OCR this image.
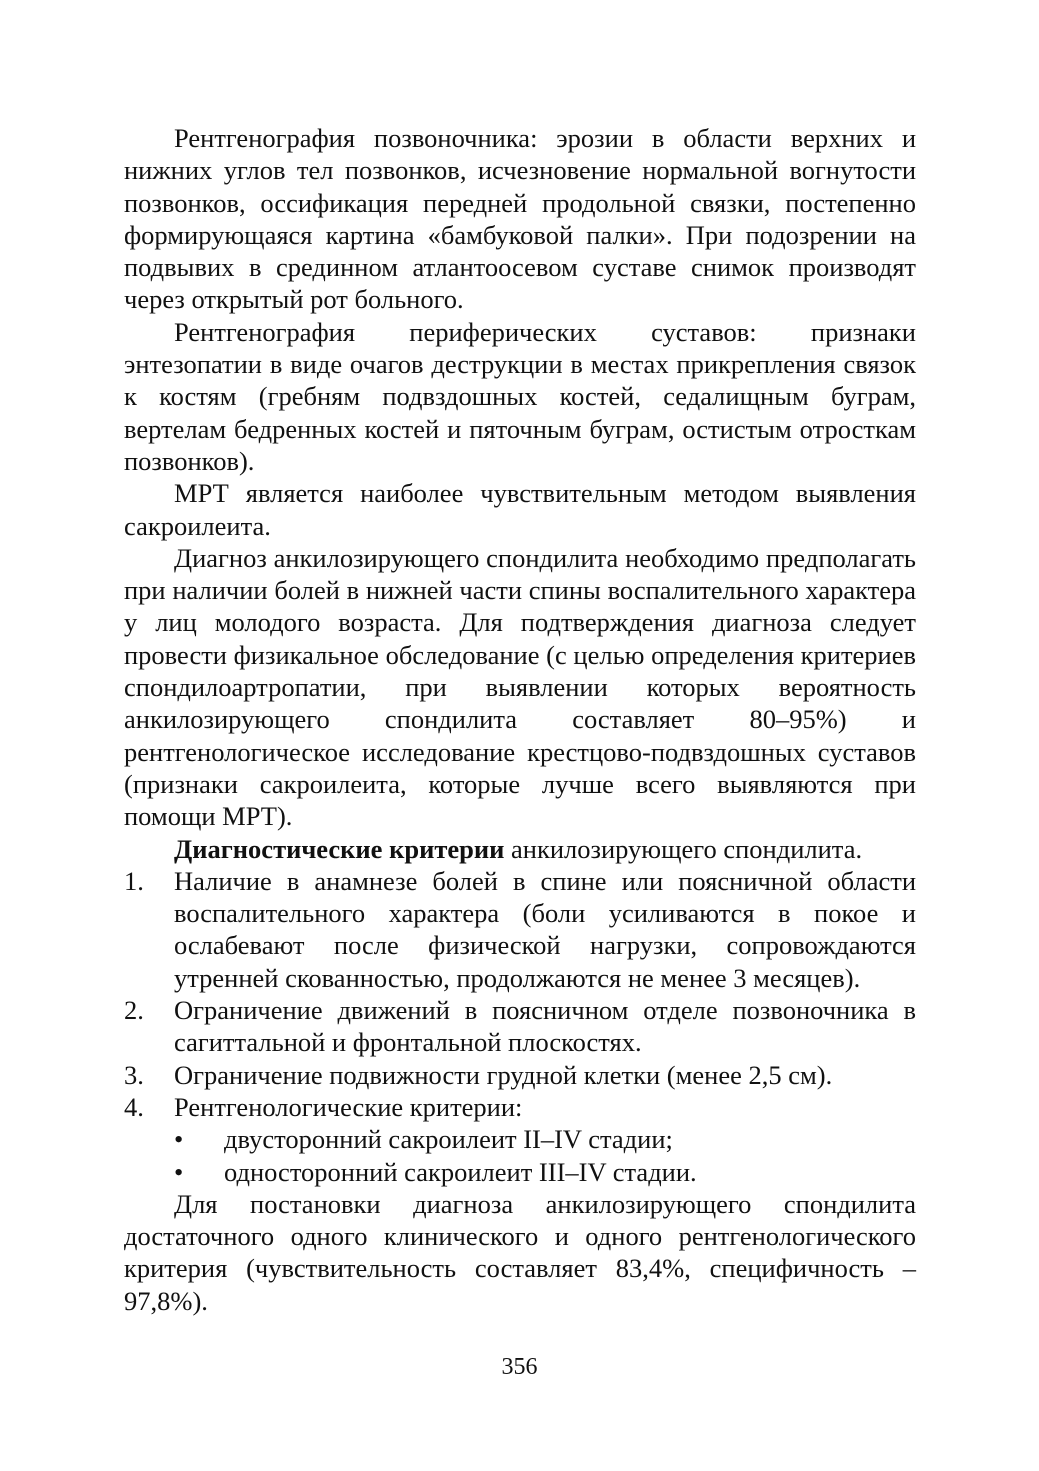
Рентгенография позвоночника: эрозии в области верхних и нижних углов тел позвонков, исчезновение нормальной вогнутости позвонков, оссификация передней продольной связки, постепенно формирующаяся картина «бамбуковой палки». При подозрении на подвывих в срединном атлантоосевом суставе снимок производят через открытый рот больного.

Рентгенография периферических суставов: признаки энтезопатии в виде очагов деструкции в местах прикрепления связок к костям (гребням подвздошных костей, седалищным буграм, вертелам бедренных костей и пяточным буграм, остистым отросткам позвонков).

МРТ является наиболее чувствительным методом выявления сакроилеита.

Диагноз анкилозирующего спондилита необходимо предполагать при наличии болей в нижней части спины воспалительного характера у лиц молодого возраста. Для подтверждения диагноза следует провести физикальное обследование (с целью определения критериев спондилоартропатии, при выявлении которых вероятность анкилозирующего спондилита составляет 80–95%) и рентгенологическое исследование крестцово-подвздошных суставов (признаки сакроилеита, которые лучше всего выявляются при помощи МРТ).

Диагностические критерии анкилозирующего спондилита.

1. Наличие в анамнезе болей в спине или поясничной области воспалительного характера (боли усиливаются в покое и ослабевают после физической нагрузки, сопровождаются утренней скованностью, продолжаются не менее 3 месяцев).
2. Ограничение движений в поясничном отделе позвоночника в сагиттальной и фронтальной плоскостях.
3. Ограничение подвижности грудной клетки (менее 2,5 см).
4. Рентгенологические критерии:
• двусторонний сакроилеит II–IV стадии;
• односторонний сакроилеит III–IV стадии.

Для постановки диагноза анкилозирующего спондилита достаточного одного клинического и одного рентгенологического критерия (чувствительность составляет 83,4%, специфичность – 97,8%).

356
